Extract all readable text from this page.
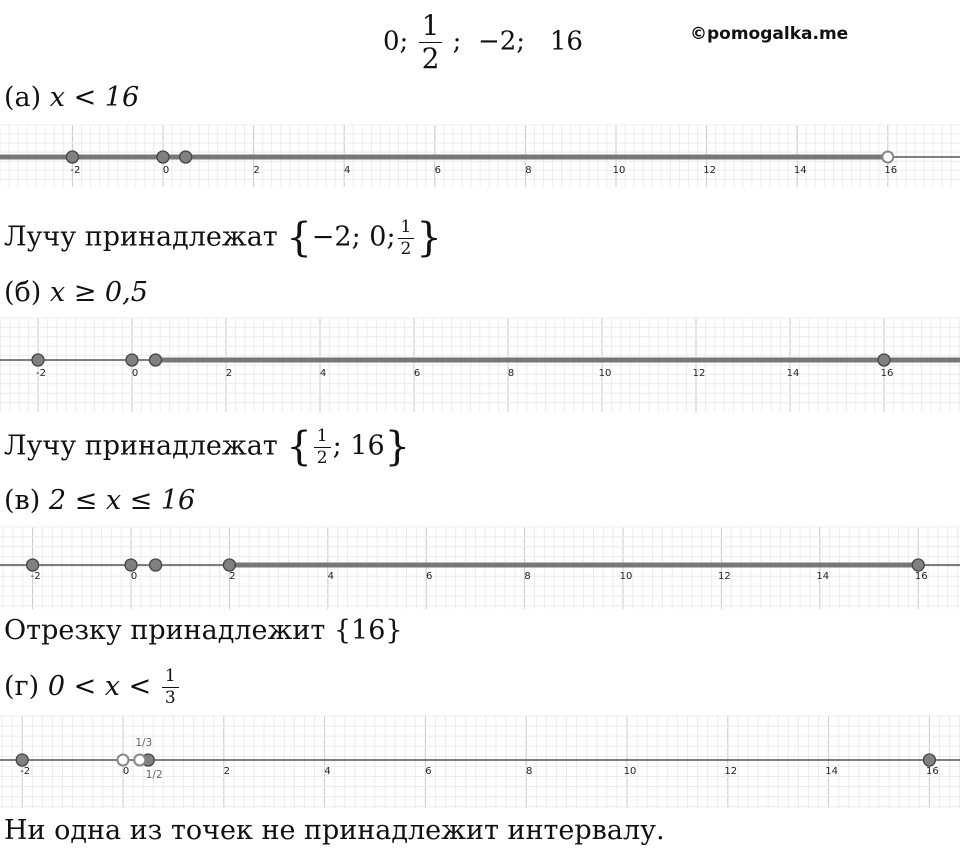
0; $\frac{1}{2}$ ;  −2;   16	©pomogalka.me
(а) x < 16
-2	0	2	4	6	8	10	12	14	16
Лучу принадлежат {−2; 0; $\frac{1}{2}$ }
(б) x ≥ 0,5
-2	0	2	4	6	8	10	12	14	16
Лучу принадлежат { $\frac{1}{2}$ ; 16}
(в) 2 ≤ x ≤ 16
-2	0	2	4	6	8	10	12	14	16
Отрезку принадлежит {16}
(г) $0 < x < \frac{1}{3}$
-2	0	2	4	6	8	10	12	14	16
1/3
1/2
Ни одна из точек не принадлежит интервалу.
